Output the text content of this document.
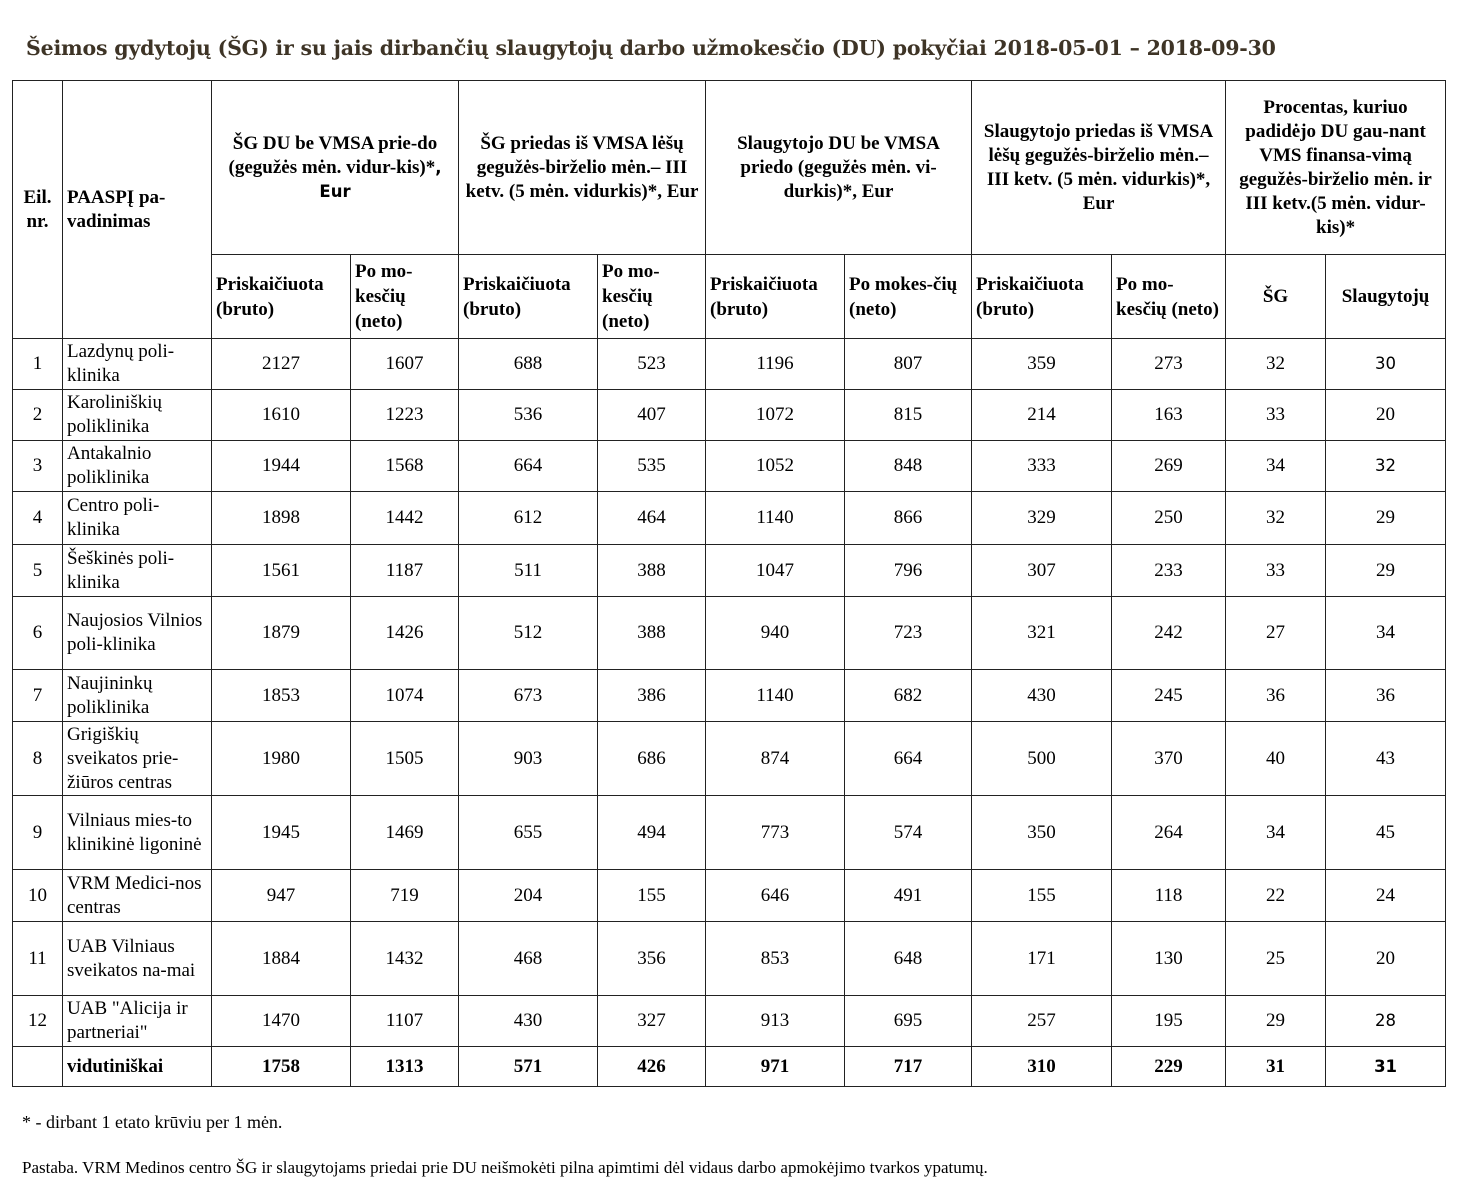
Šeimos gydytojų (ŠG) ir su jais dirbančių slaugytojų darbo užmokesčio (DU) pokyčiai 2018-05-01 – 2018-09-30
Eil. nr.	PAASPĮ pa-vadinimas	ŠG DU be VMSA prie-do (gegužės mėn. vidur-kis)*, Eur		ŠG priedas iš VMSA lėšų gegužės-birželio mėn.– III ketv. (5 mėn. vidurkis)*, Eur		Slaugytojo DU be VMSA priedo (gegužės mėn. vi-durkis)*, Eur		Slaugytojo priedas iš VMSA lėšų gegužės-birželio mėn.– III ketv. (5 mėn. vidurkis)*, Eur		Procentas, kuriuo padidėjo DU gau-nant VMS finansa-vimą gegužės-birželio mėn. ir III ketv.(5 mėn. vidur-kis)*	
		Priskaičiuota (bruto)	Po mo-kesčių (neto)	Priskaičiuota (bruto)	Po mo-kesčių (neto)	Priskaičiuota (bruto)	Po mokes-čių (neto)	Priskaičiuota (bruto)	Po mo-kesčių (neto)	ŠG	Slaugytojų
1	Lazdynų poli-klinika	2127	1607	688	523	1196	807	359	273	32	30
2	Karoliniškių poliklinika	1610	1223	536	407	1072	815	214	163	33	20
3	Antakalnio poliklinika	1944	1568	664	535	1052	848	333	269	34	32
4	Centro poli-klinika	1898	1442	612	464	1140	866	329	250	32	29
5	Šeškinės poli-klinika	1561	1187	511	388	1047	796	307	233	33	29
6	Naujosios Vilnios poli-klinika	1879	1426	512	388	940	723	321	242	27	34
7	Naujininkų poliklinika	1853	1074	673	386	1140	682	430	245	36	36
8	Grigiškių sveikatos prie-žiūros centras	1980	1505	903	686	874	664	500	370	40	43
9	Vilniaus mies-to klinikinė ligoninė	1945	1469	655	494	773	574	350	264	34	45
10	VRM Medici-nos centras	947	719	204	155	646	491	155	118	22	24
11	UAB Vilniaus sveikatos na-mai	1884	1432	468	356	853	648	171	130	25	20
12	UAB "Alicija ir partneriai"	1470	1107	430	327	913	695	257	195	29	28
	vidutiniškai	1758	1313	571	426	971	717	310	229	31	31
* - dirbant 1 etato krūviu per 1 mėn.
Pastaba. VRM Medinos centro ŠG ir slaugytojams priedai prie DU neišmokėti pilna apimtimi dėl vidaus darbo apmokėjimo tvarkos ypatumų.
